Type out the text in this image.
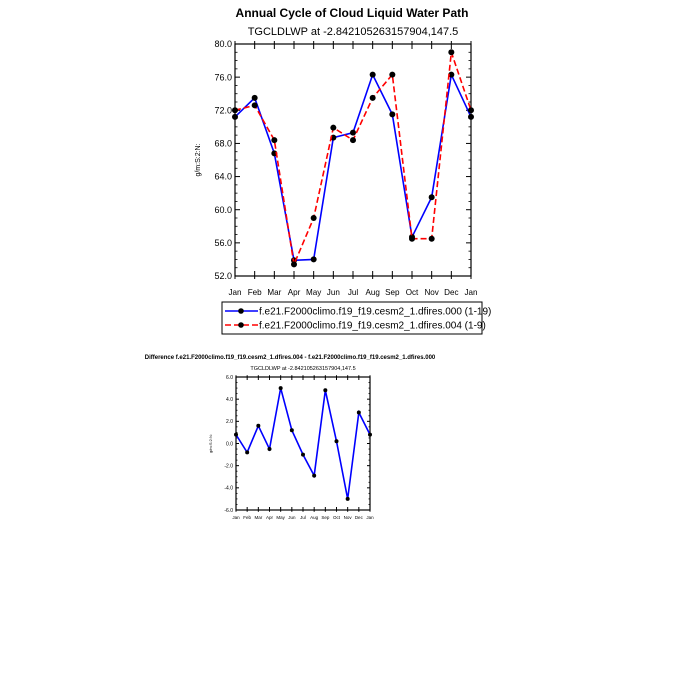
Annual Cycle of Cloud Liquid Water Path
TGCLDLWP at -2.842105263157904,147.5
g/m:S:2:N:
52.0
56.0
60.0
64.0
68.0
72.0
76.0
80.0
Jan Feb Mar Apr May Jun Jul Aug Sep Oct Nov Dec Jan
f.e21.F2000climo.f19_f19.cesm2_1.dfires.000 (1-19)
f.e21.F2000climo.f19_f19.cesm2_1.dfires.004 (1-9)
Difference f.e21.F2000climo.f19_f19.cesm2_1.dfires.004 - f.e21.F2000climo.f19_f19.cesm2_1.dfires.000
TGCLDLWP at -2.842105263157904,147.5
g/m:S:2:N:
-6.0
-4.0
-2.0
0.0
2.0
4.0
6.0
Jan Feb Mar Apr May Jun Jul Aug Sep Oct Nov Dec Jan
